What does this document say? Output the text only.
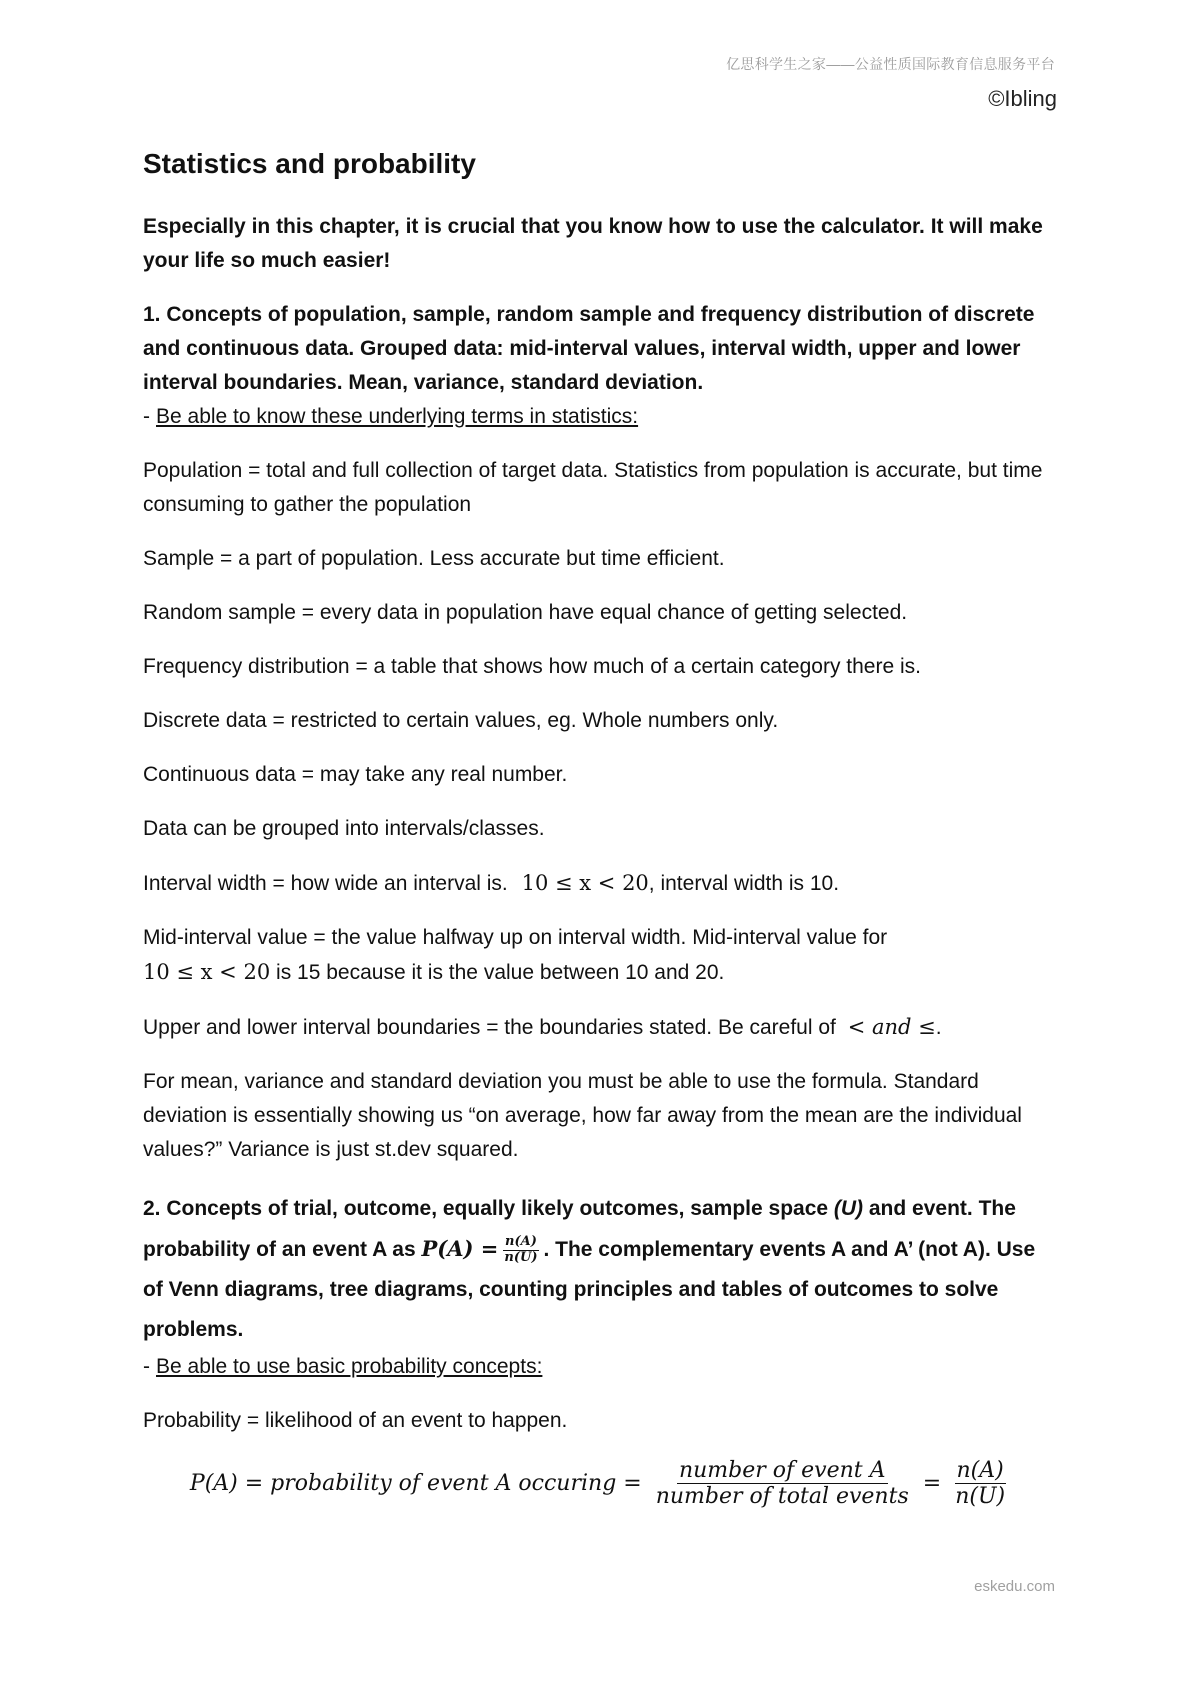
亿思科学生之家——公益性质国际教育信息服务平台
©Ibling
Statistics and probability

Especially in this chapter, it is crucial that you know how to use the calculator. It will make your life so much easier!

1. Concepts of population, sample, random sample and frequency distribution of discrete and continuous data. Grouped data: mid-interval values, interval width, upper and lower interval boundaries. Mean, variance, standard deviation.
- Be able to know these underlying terms in statistics:

Population = total and full collection of target data. Statistics from population is accurate, but time consuming to gather the population

Sample = a part of population. Less accurate but time efficient.

Random sample = every data in population have equal chance of getting selected.

Frequency distribution = a table that shows how much of a certain category there is.

Discrete data = restricted to certain values, eg. Whole numbers only.

Continuous data = may take any real number.

Data can be grouped into intervals/classes.

Interval width = how wide an interval is. 10 ≤ x < 20, interval width is 10.

Mid-interval value = the value halfway up on interval width. Mid-interval value for
10 ≤ x < 20 is 15 because it is the value between 10 and 20.

Upper and lower interval boundaries = the boundaries stated. Be careful of < and ≤.

For mean, variance and standard deviation you must be able to use the formula. Standard deviation is essentially showing us “on average, how far away from the mean are the individual values?” Variance is just st.dev squared.

2. Concepts of trial, outcome, equally likely outcomes, sample space (U) and event. The probability of an event A as $P(A) = \frac{n(A)}{n(U)}$ . The complementary events A and A’ (not A). Use of Venn diagrams, tree diagrams, counting principles and tables of outcomes to solve problems.
- Be able to use basic probability concepts:

Probability = likelihood of an event to happen.

P(A) = probability of event A occuring = $\frac{\text{number of event A}}{\text{number of total events}} = \frac{n(A)}{n(U)}$
eskedu.com
